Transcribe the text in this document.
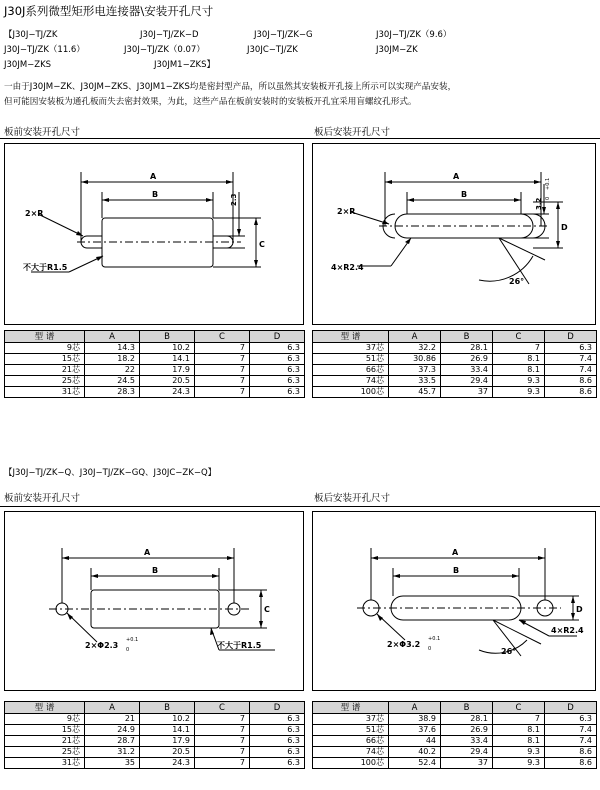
J30J系列微型矩形电连接器\安装开孔尺寸
【J30J−TJ/ZK	J30J−TJ/ZK−D	J30J−TJ/ZK−G	J30J−TJ/ZK（9.6）
J30J−TJ/ZK（11.6）	J30J−TJ/ZK（0.07）	J30JC−TJ/ZK	J30JM−ZK
J30JM−ZKS	J30JM1−ZKS】
一由于J30JM−ZK、J30JM−ZKS、J30JM1−ZKS均是密封型产品，所以虽然其安装板开孔接上所示可以实现产品安装，
但可能因安装板为通孔板而失去密封效果，为此，这些产品在板前安装时的安装板开孔宜采用盲螺纹孔形式。
板前安装开孔尺寸	板后安装开孔尺寸
A
B
C
2.3
2×R
不大于R1.5
A
B
D
3.2
+0.1
0
2×R
4×R2.4
26°
型 谱	A	B	C	D
9芯	14.3	10.2	7	6.3
15芯	18.2	14.1	7	6.3
21芯	22	17.9	7	6.3
25芯	24.5	20.5	7	6.3
31芯	28.3	24.3	7	6.3
型 谱	A	B	C	D
37芯	32.2	28.1	7	6.3
51芯	30.86	26.9	8.1	7.4
66芯	37.3	33.4	8.1	7.4
74芯	33.5	29.4	9.3	8.6
100芯	45.7	37	9.3	8.6
【J30J−TJ/ZK−Q、J30J−TJ/ZK−GQ、J30JC−ZK−Q】
板前安装开孔尺寸	板后安装开孔尺寸
A
B
C
2×Φ2.3
+0.1
0	不大于R1.5
A
B
D
2×Φ3.2
+0.1
0
4×R2.4
26°
型 谱	A	B	C	D
9芯	21	10.2	7	6.3
15芯	24.9	14.1	7	6.3
21芯	28.7	17.9	7	6.3
25芯	31.2	20.5	7	6.3
31芯	35	24.3	7	6.3
型 谱	A	B	C	D
37芯	38.9	28.1	7	6.3
51芯	37.6	26.9	8.1	7.4
66芯	44	33.4	8.1	7.4
74芯	40.2	29.4	9.3	8.6
100芯	52.4	37	9.3	8.6
